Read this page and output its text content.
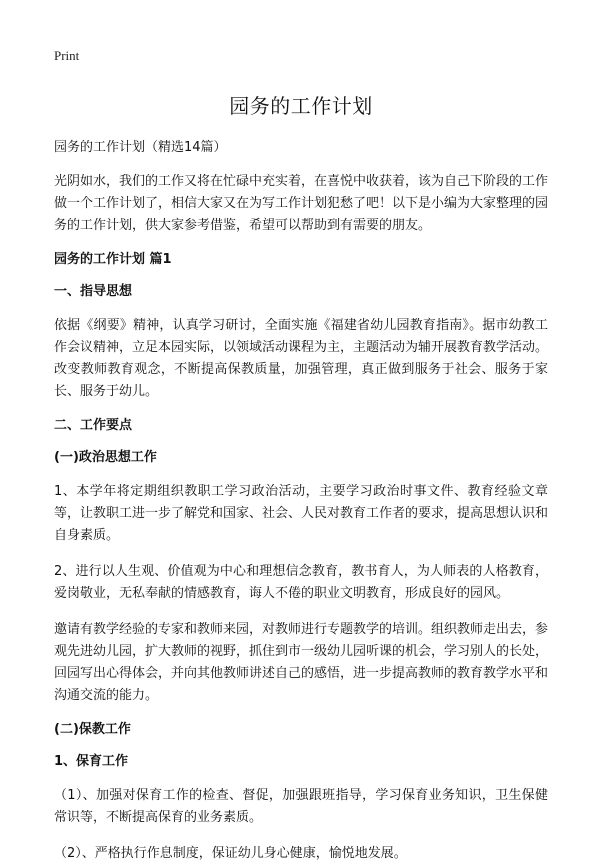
Print
园务的工作计划

园务的工作计划（精选14篇）

光阴如水，我们的工作又将在忙碌中充实着，在喜悦中收获着，该为自己下阶段的工作做一个工作计划了，相信大家又在为写工作计划犯愁了吧！以下是小编为大家整理的园务的工作计划，供大家参考借鉴，希望可以帮助到有需要的朋友。

园务的工作计划 篇1

一、指导思想

依据《纲要》精神，认真学习研讨，全面实施《福建省幼儿园教育指南》。据市幼教工作会议精神，立足本园实际，以领域活动课程为主，主题活动为辅开展教育教学活动。改变教师教育观念，不断提高保教质量，加强管理，真正做到服务于社会、服务于家长、服务于幼儿。

二、工作要点

(一)政治思想工作

1、本学年将定期组织教职工学习政治活动，主要学习政治时事文件、教育经验文章等，让教职工进一步了解党和国家、社会、人民对教育工作者的要求，提高思想认识和自身素质。

2、进行以人生观、价值观为中心和理想信念教育，教书育人，为人师表的人格教育，爱岗敬业，无私奉献的情感教育，诲人不倦的职业文明教育，形成良好的园风。

邀请有教学经验的专家和教师来园，对教师进行专题教学的培训。组织教师走出去，参观先进幼儿园，扩大教师的视野，抓住到市一级幼儿园听课的机会，学习别人的长处，回园写出心得体会，并向其他教师讲述自己的感悟，进一步提高教师的教育教学水平和沟通交流的能力。

(二)保教工作

1、保育工作

（1）、加强对保育工作的检查、督促，加强跟班指导，学习保育业务知识，卫生保健常识等，不断提高保育的业务素质。

（2）、严格执行作息制度，保证幼儿身心健康，愉悦地发展。
